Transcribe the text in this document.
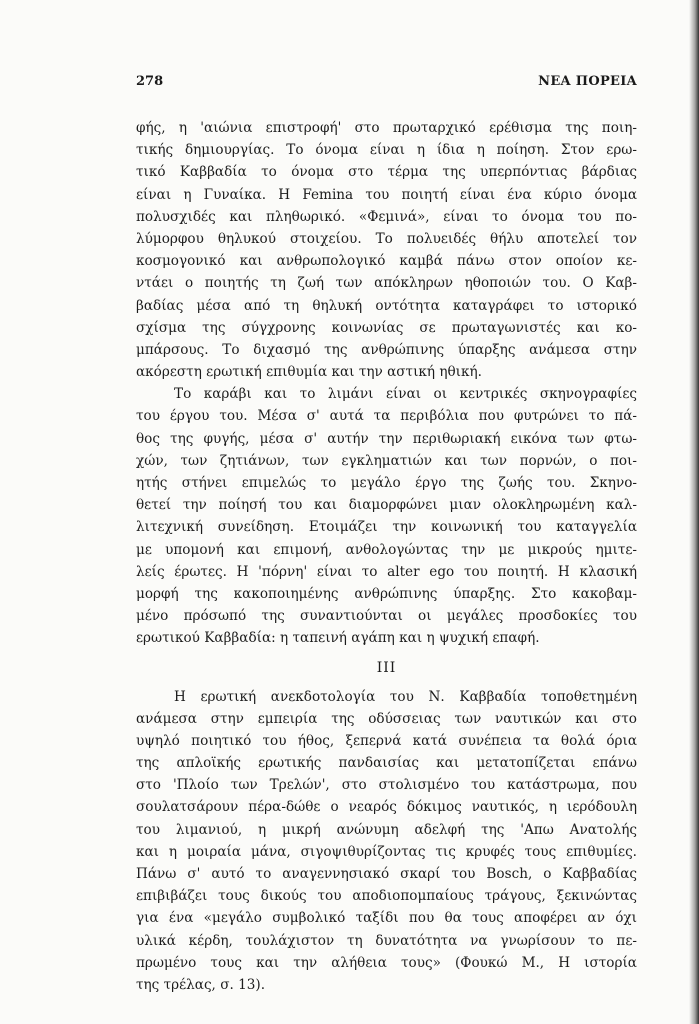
278	ΝΕΑ ΠΟΡΕΙΑ
φής, η 'αιώνια επιστροφή' στο πρωταρχικό ερέθισμα της ποιη-
τικής δημιουργίας. Το όνομα είναι η ίδια η ποίηση. Στον ερω-
τικό Καββαδία το όνομα στο τέρμα της υπερπόντιας βάρδιας
είναι η Γυναίκα. Η Femina του ποιητή είναι ένα κύριο όνομα
πολυσχιδές και πληθωρικό. «Φεμινά», είναι το όνομα του πο-
λύμορφου θηλυκού στοιχείου. Το πολυειδές θήλυ αποτελεί τον
κοσμογονικό και ανθρωπολογικό καμβά πάνω στον οποίον κε-
ντάει ο ποιητής τη ζωή των απόκληρων ηθοποιών του. Ο Καβ-
βαδίας μέσα από τη θηλυκή οντότητα καταγράφει το ιστορικό
σχίσμα της σύγχρονης κοινωνίας σε πρωταγωνιστές και κο-
μπάρσους. Το διχασμό της ανθρώπινης ύπαρξης ανάμεσα στην
ακόρεστη ερωτική επιθυμία και την αστική ηθική.
Το καράβι και το λιμάνι είναι οι κεντρικές σκηνογραφίες
του έργου του. Μέσα σ' αυτά τα περιβόλια που φυτρώνει το πά-
θος της φυγής, μέσα σ' αυτήν την περιθωριακή εικόνα των φτω-
χών, των ζητιάνων, των εγκληματιών και των πορνών, ο ποι-
ητής στήνει επιμελώς το μεγάλο έργο της ζωής του. Σκηνο-
θετεί την ποίησή του και διαμορφώνει μιαν ολοκληρωμένη καλ-
λιτεχνική συνείδηση. Ετοιμάζει την κοινωνική του καταγγελία
με υπομονή και επιμονή, ανθολογώντας την με μικρούς ημιτε-
λείς έρωτες. Η 'πόρνη' είναι το alter ego του ποιητή. Η κλασική
μορφή της κακοποιημένης ανθρώπινης ύπαρξης. Στο κακοβαμ-
μένο πρόσωπό της συναντιούνται οι μεγάλες προσδοκίες του
ερωτικού Καββαδία: η ταπεινή αγάπη και η ψυχική επαφή.
ΙΙΙ
Η ερωτική ανεκδοτολογία του Ν. Καββαδία τοποθετημένη
ανάμεσα στην εμπειρία της οδύσσειας των ναυτικών και στο
υψηλό ποιητικό του ήθος, ξεπερνά κατά συνέπεια τα θολά όρια
της απλοϊκής ερωτικής πανδαισίας και μετατοπίζεται επάνω
στο 'Πλοίο των Τρελών', στο στολισμένο του κατάστρωμα, που
σουλατσάρουν πέρα-δώθε ο νεαρός δόκιμος ναυτικός, η ιερόδουλη
του λιμανιού, η μικρή ανώνυμη αδελφή της 'Απω Ανατολής
και η μοιραία μάνα, σιγοψιθυρίζοντας τις κρυφές τους επιθυμίες.
Πάνω σ' αυτό το αναγεννησιακό σκαρί του Bosch, ο Καββαδίας
επιβιβάζει τους δικούς του αποδιοπομπαίους τράγους, ξεκινώντας
για ένα «μεγάλο συμβολικό ταξίδι που θα τους αποφέρει αν όχι
υλικά κέρδη, τουλάχιστον τη δυνατότητα να γνωρίσουν το πε-
πρωμένο τους και την αλήθεια τους» (Φουκώ Μ., Η ιστορία
της τρέλας, σ. 13).
